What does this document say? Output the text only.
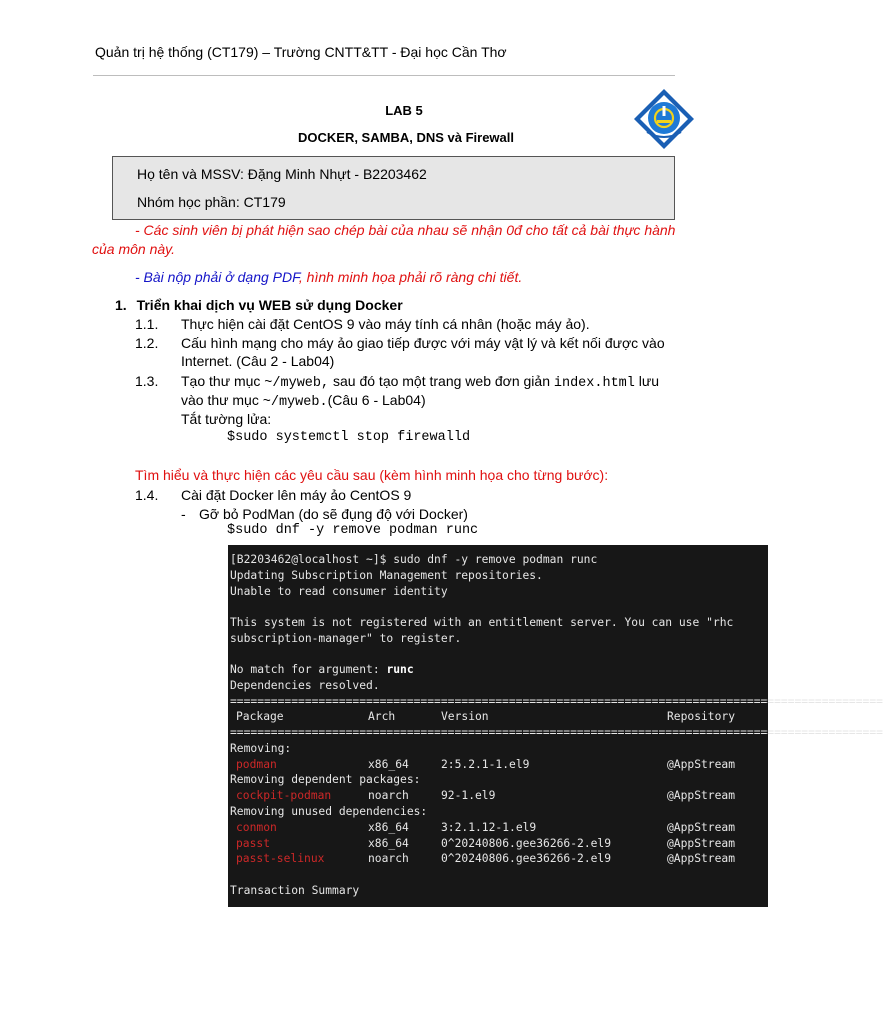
Quản trị hệ thống (CT179) – Trường CNTT&TT - Đại học Cần Thơ
LAB 5
DOCKER, SAMBA, DNS và Firewall
Họ tên và MSSV: Đặng Minh Nhựt - B2203462
Nhóm học phần: CT179
- Các sinh viên bị phát hiện sao chép bài của nhau sẽ nhận 0đ cho tất cả bài thực hành
của môn này.
- Bài nộp phải ở dạng PDF, hình minh họa phải rõ ràng chi tiết.
1. Triển khai dịch vụ WEB sử dụng Docker
1.1. Thực hiện cài đặt CentOS 9 vào máy tính cá nhân (hoặc máy ảo).
1.2. Cấu hình mạng cho máy ảo giao tiếp được với máy vật lý và kết nối được vào
Internet. (Câu 2 - Lab04)
1.3. Tạo thư mục ~/myweb, sau đó tạo một trang web đơn giản index.html lưu
vào thư mục ~/myweb.(Câu 6 - Lab04)
Tắt tường lửa:
$sudo systemctl stop firewalld
Tìm hiểu và thực hiện các yêu cầu sau (kèm hình minh họa cho từng bước):
1.4. Cài đặt Docker lên máy ảo CentOS 9
- Gỡ bỏ PodMan (do sẽ đụng độ với Docker)
$sudo dnf -y remove podman runc
[B2203462@localhost ~]$ sudo dnf -y remove podman runc
Updating Subscription Management repositories.
Unable to read consumer identity
This system is not registered with an entitlement server. You can use "rhc
subscription-manager" to register.
No match for argument: runc
Dependencies resolved.
================================================================================================
Package	Arch	Version	Repository
================================================================================================
Removing:
podman	x86_64	2:5.2.1-1.el9	@AppStream
Removing dependent packages:
cockpit-podman	noarch	92-1.el9	@AppStream
Removing unused dependencies:
conmon	x86_64	3:2.1.12-1.el9	@AppStream
passt	x86_64	0^20240806.gee36266-2.el9	@AppStream
passt-selinux	noarch	0^20240806.gee36266-2.el9	@AppStream
Transaction Summary
